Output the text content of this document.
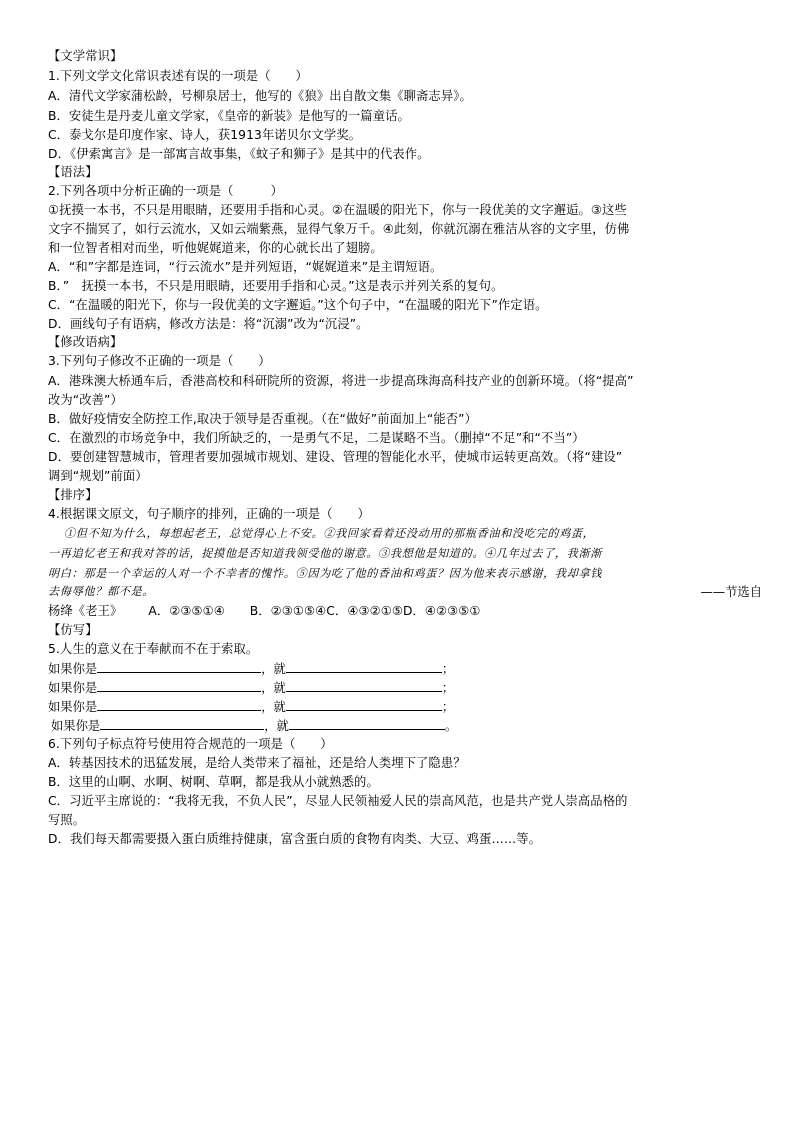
【文学常识】
1.下列文学文化常识表述有误的一项是（　　）
A．清代文学家蒲松龄，号柳泉居士，他写的《狼》出自散文集《聊斋志异》。
B．安徒生是丹麦儿童文学家，《皇帝的新装》是他写的一篇童话。
C．泰戈尔是印度作家、诗人，获1913年诺贝尔文学奖。
D．《伊索寓言》是一部寓言故事集，《蚊子和狮子》是其中的代表作。
【语法】
2.下列各项中分析正确的一项是（　　　）
①抚摸一本书，不只是用眼睛，还要用手指和心灵。②在温暖的阳光下，你与一段优美的文字邂逅。③这些
文字不揣冥了，如行云流水，又如云端紫燕，显得气象万千。④此刻，你就沉溺在雅洁从容的文字里，仿佛
和一位智者相对而坐，听他娓娓道来，你的心就长出了翅膀。
A．“和”字都是连词，“行云流水”是并列短语，“娓娓道来”是主谓短语。
B．”　抚摸一本书，不只是用眼睛，还要用手指和心灵。”这是表示并列关系的复句。
C．“在温暖的阳光下，你与一段优美的文字邂逅。”这个句子中，“在温暖的阳光下”作定语。
D．画线句子有语病，修改方法是：将“沉溺”改为“沉浸”。
【修改语病】
3.下列句子修改不正确的一项是（　　）
A．港珠澳大桥通车后，香港高校和科研院所的资源，将进一步提高珠海高科技产业的创新环境。（将“提高”
改为“改善”）
B．做好疫情安全防控工作,取决于领导是否重视。（在“做好”前面加上“能否”）
C．在激烈的市场竞争中，我们所缺乏的，一是勇气不足，二是谋略不当。（删掉“不足”和“不当”）
D．要创建智慧城市，管理者要加强城市规划、建设、管理的智能化水平，使城市运转更高效。（将“建设”
调到“规划”前面）
【排序】
4.根据课文原文，句子顺序的排列，正确的一项是（　　）
①但不知为什么，每想起老王，总觉得心上不安。②我回家看着还没动用的那瓶香油和没吃完的鸡蛋，
一再追忆老王和我对答的话，捉摸他是否知道我领受他的谢意。③我想他是知道的。④几年过去了，我渐渐
明白：那是一个幸运的人对一个不幸者的愧怍。⑤因为吃了他的香油和鸡蛋？因为他来表示感谢，我却拿钱
去侮辱他？都不是。	——节选自
杨绛《老王》 A．②③⑤①④　　B．②③①⑤④C．④③②①⑤D．④②③⑤①
【仿写】
5.人生的意义在于奉献而不在于索取。
如果你是	，就	；
如果你是	，就	；
如果你是	，就	；
如果你是	，就	。
6.下列句子标点符号使用符合规范的一项是（　　）
A．转基因技术的迅猛发展，是给人类带来了福祉，还是给人类埋下了隐患？
B．这里的山啊、水啊、树啊、草啊，都是我从小就熟悉的。
C．习近平主席说的：“我将无我，不负人民”，尽显人民领袖爱人民的崇高风范，也是共产党人崇高品格的
写照。
D．我们每天都需要摄入蛋白质维持健康，富含蛋白质的食物有肉类、大豆、鸡蛋……等。
